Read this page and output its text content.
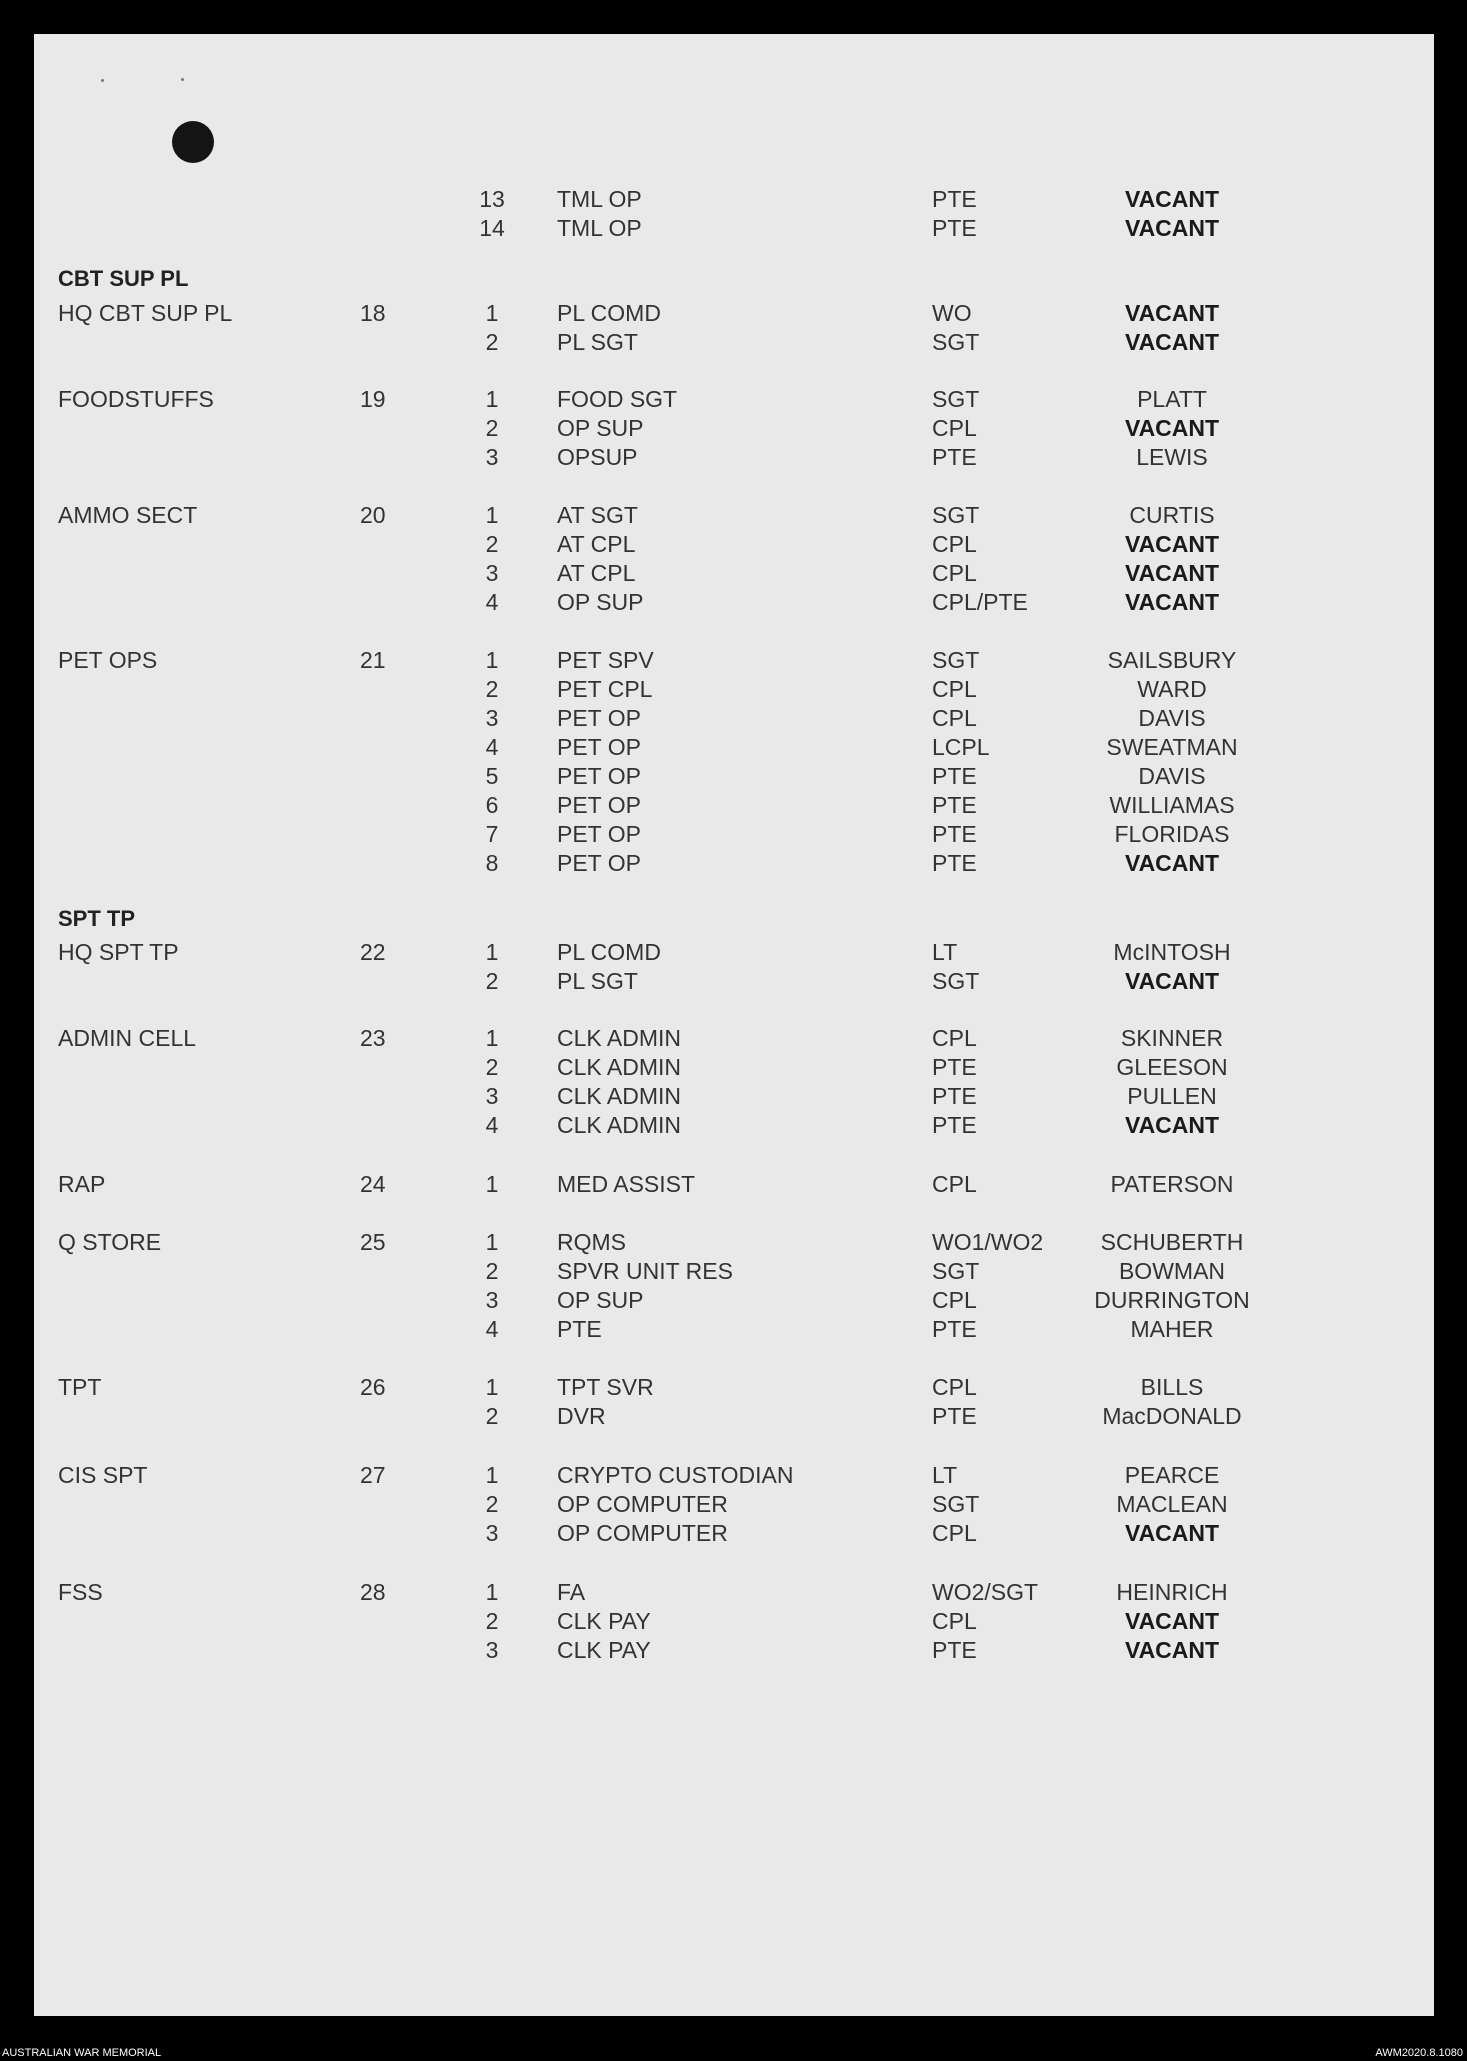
CBT SUP PL
SPT TP
13	TML OP	PTE	VACANT
14	TML OP	PTE	VACANT
HQ CBT SUP PL	18	1	PL COMD	WO	VACANT
2	PL SGT	SGT	VACANT
FOODSTUFFS	19	1	FOOD SGT	SGT	PLATT
2	OP SUP	CPL	VACANT
3	OPSUP	PTE	LEWIS
AMMO SECT	20	1	AT SGT	SGT	CURTIS
2	AT CPL	CPL	VACANT
3	AT CPL	CPL	VACANT
4	OP SUP	CPL/PTE	VACANT
PET OPS	21	1	PET SPV	SGT	SAILSBURY
2	PET CPL	CPL	WARD
3	PET OP	CPL	DAVIS
4	PET OP	LCPL	SWEATMAN
5	PET OP	PTE	DAVIS
6	PET OP	PTE	WILLIAMAS
7	PET OP	PTE	FLORIDAS
8	PET OP	PTE	VACANT
HQ SPT TP	22	1	PL COMD	LT	McINTOSH
2	PL SGT	SGT	VACANT
ADMIN CELL	23	1	CLK ADMIN	CPL	SKINNER
2	CLK ADMIN	PTE	GLEESON
3	CLK ADMIN	PTE	PULLEN
4	CLK ADMIN	PTE	VACANT
RAP	24	1	MED ASSIST	CPL	PATERSON
Q STORE	25	1	RQMS	WO1/WO2	SCHUBERTH
2	SPVR UNIT RES	SGT	BOWMAN
3	OP SUP	CPL	DURRINGTON
4	PTE	PTE	MAHER
TPT	26	1	TPT SVR	CPL	BILLS
2	DVR	PTE	MacDONALD
CIS SPT	27	1	CRYPTO CUSTODIAN	LT	PEARCE
2	OP COMPUTER	SGT	MACLEAN
3	OP COMPUTER	CPL	VACANT
FSS	28	1	FA	WO2/SGT	HEINRICH
2	CLK PAY	CPL	VACANT
3	CLK PAY	PTE	VACANT
AUSTRALIAN WAR MEMORIAL	AWM2020.8.1080
